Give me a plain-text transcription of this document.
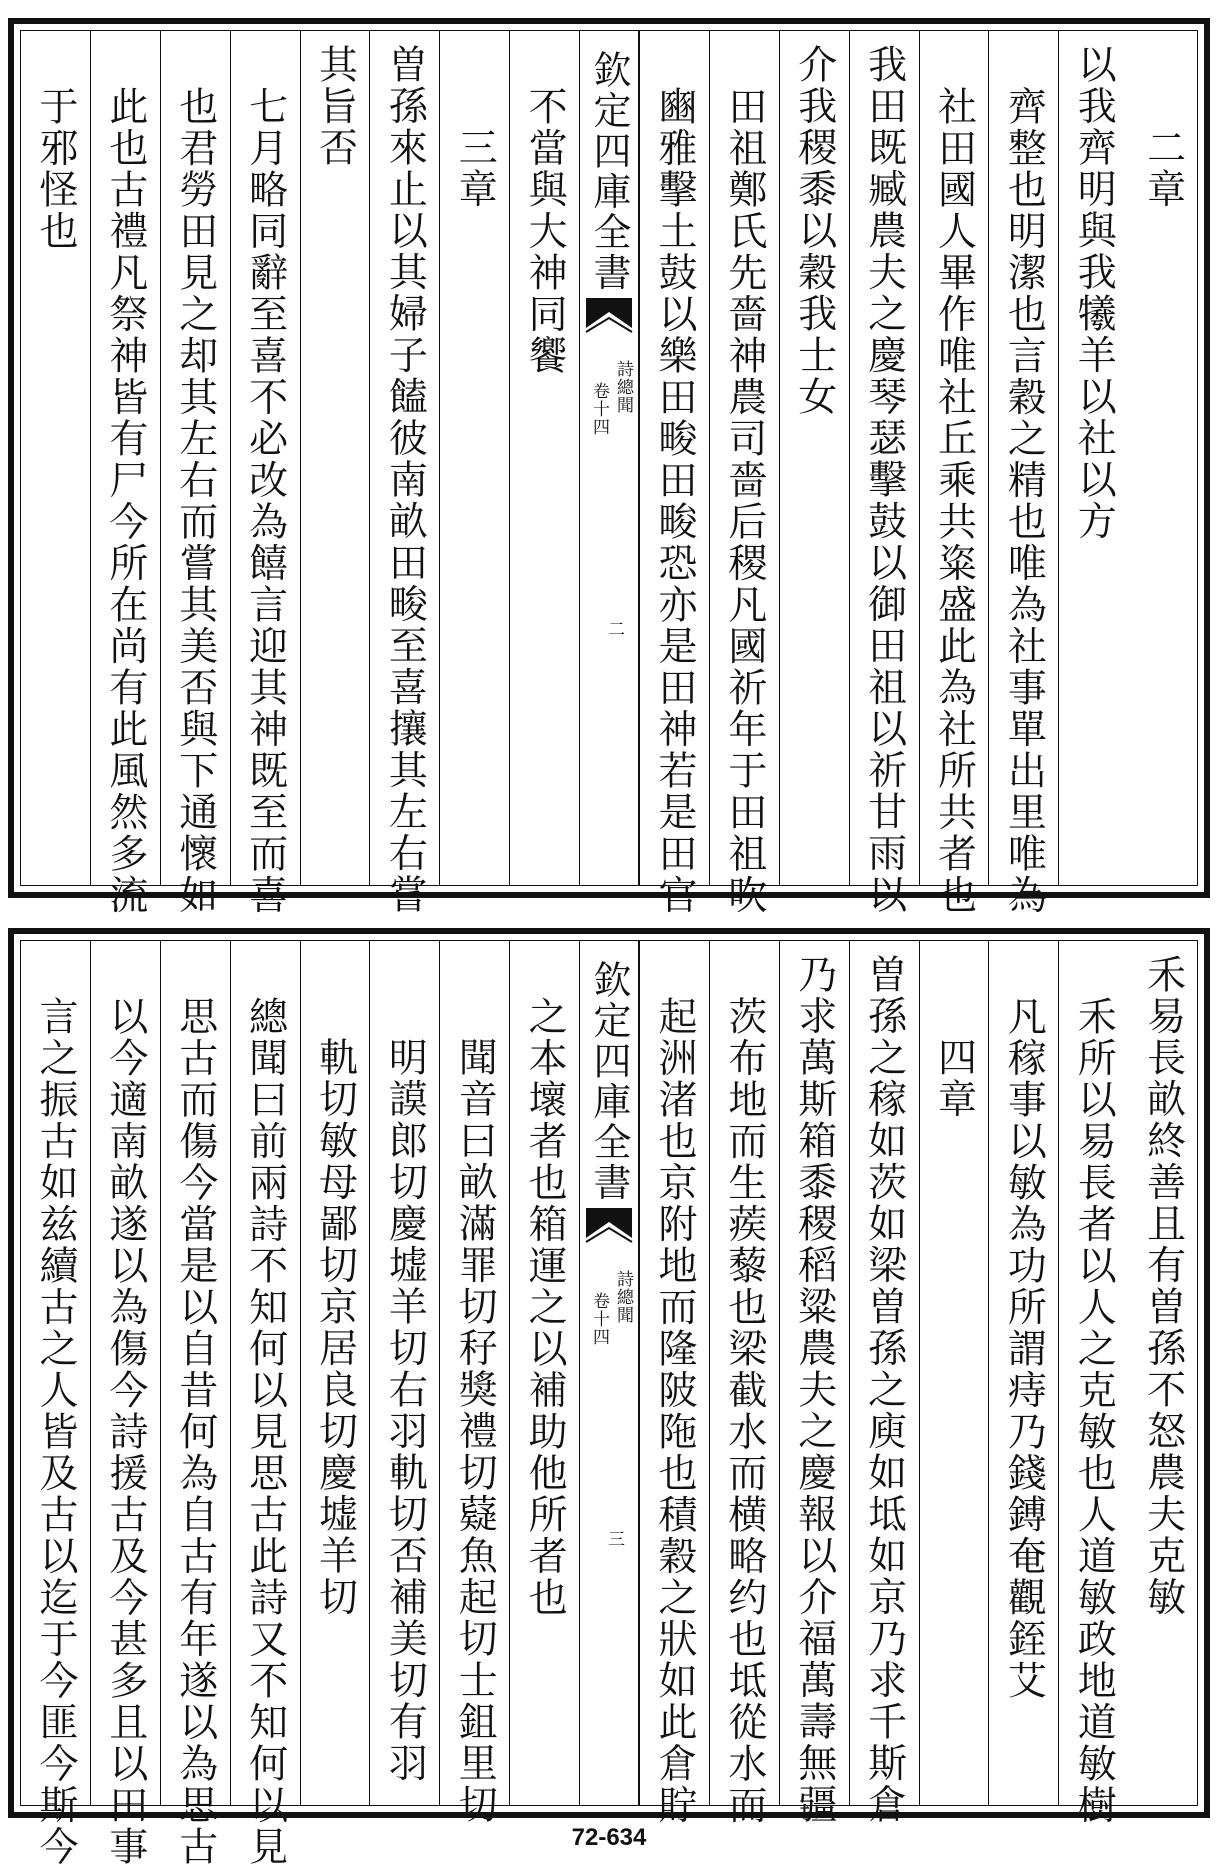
于邪怪也 此也古禮凡祭神皆有尸今所在尚有此風然多流 也君勞田見之却其左右而嘗其美否與下通懷如 七月略同辭至喜不必改為饎言迎其神既至而喜 其旨否 曽孫來止以其婦子饁彼南畝田畯至喜攘其左右嘗 三章 不當與大神同饗 欽定四庫全書
詩總聞
卷十四
二 豳雅擊土鼓以樂田畯田畯恐亦是田神若是田官 田祖鄭氏先嗇神農司嗇后稷凡國祈年于田祖吹 介我稷黍以穀我士女 我田既臧農夫之慶琴瑟擊鼓以御田祖以祈甘雨以 社田國人畢作唯社丘乘共粢盛此為社所共者也 齊整也明潔也言穀之精也唯為社事單出里唯為 以我齊明與我犧羊以社以方 二章
言之振古如兹續古之人皆及古以迄于今匪今斯今 以今適南畝遂以為傷今詩援古及今甚多且以田事 思古而傷今當是以自昔何為自古有年遂以為思古 總聞曰前兩詩不知何以見思古此詩又不知何以見 軌切敏母鄙切京居良切慶墟羊切 明謨郎切慶墟羊切右羽軌切否補美切有羽 聞音曰畝滿罪切秄獎禮切薿魚起切士鉏里切 之本壞者也箱運之以補助他所者也 欽定四庫全書
詩總聞
卷十四
三 起洲渚也京附地而隆陂陁也積穀之狀如此倉貯 茨布地而生蒺藜也梁截水而横略约也坻從水而 乃求萬斯箱黍稷稻粱農夫之慶報以介福萬壽無疆 曽孫之稼如茨如梁曽孫之庾如坻如京乃求千斯倉 四章 凡稼事以敏為功所謂痔乃錢鎛奄觀銍艾 禾所以易長者以人之克敏也人道敏政地道敏樹 禾易長畝終善且有曽孫不怒農夫克敏
72-634
